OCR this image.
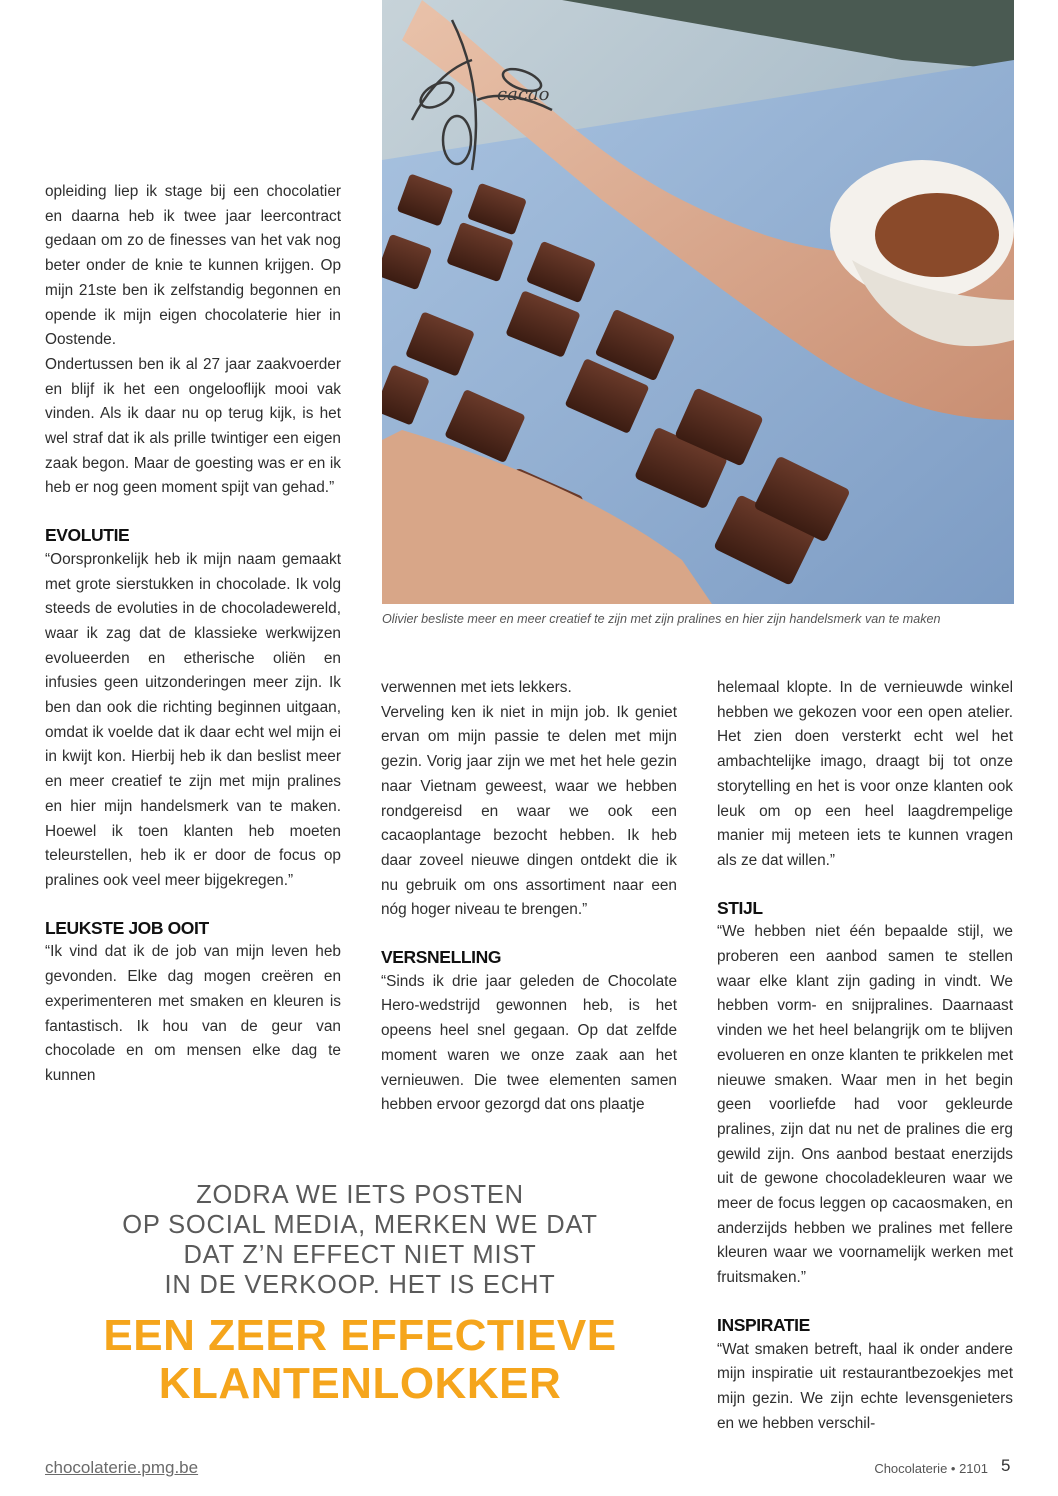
opleiding liep ik stage bij een chocolatier en daarna heb ik twee jaar leercontract gedaan om zo de finesses van het vak nog beter onder de knie te kunnen krijgen. Op mijn 21ste ben ik zelfstandig begonnen en opende ik mijn eigen chocolaterie hier in Oostende.

Ondertussen ben ik al 27 jaar zaakvoerder en blijf ik het een ongelooflijk mooi vak vinden. Als ik daar nu op terug kijk, is het wel straf dat ik als prille twintiger een eigen zaak begon. Maar de goesting was er en ik heb er nog geen moment spijt van gehad.”

EVOLUTIE

“Oorspronkelijk heb ik mijn naam gemaakt met grote sierstukken in chocolade. Ik volg steeds de evoluties in de chocoladewereld, waar ik zag dat de klassieke werkwijzen evolueerden en etherische oliën en infusies geen uitzonderingen meer zijn. Ik ben dan ook die richting beginnen uitgaan, omdat ik voelde dat ik daar echt wel mijn ei in kwijt kon. Hierbij heb ik dan beslist meer en meer creatief te zijn met mijn pralines en hier mijn handelsmerk van te maken. Hoewel ik toen klanten heb moeten teleurstellen, heb ik er door de focus op pralines ook veel meer bijgekregen.”

LEUKSTE JOB OOIT

“Ik vind dat ik de job van mijn leven heb gevonden. Elke dag mogen creëren en experimenteren met smaken en kleuren is fantastisch. Ik hou van de geur van chocolade en om mensen elke dag te kunnen

cacao
Olivier besliste meer en meer creatief te zijn met zijn pralines en hier zijn handelsmerk van te maken

verwennen met iets lekkers.

Verveling ken ik niet in mijn job. Ik geniet ervan om mijn passie te delen met mijn gezin. Vorig jaar zijn we met het hele gezin naar Vietnam geweest, waar we hebben rondgereisd en waar we ook een cacaoplantage bezocht hebben. Ik heb daar zoveel nieuwe dingen ontdekt die ik nu gebruik om ons assortiment naar een nóg hoger niveau te brengen.”

VERSNELLING

“Sinds ik drie jaar geleden de Chocolate Hero-wedstrijd gewonnen heb, is het opeens heel snel gegaan. Op dat zelfde moment waren we onze zaak aan het vernieuwen. Die twee elementen samen hebben ervoor gezorgd dat ons plaatje

helemaal klopte. In de vernieuwde winkel hebben we gekozen voor een open atelier. Het zien doen versterkt echt wel het ambachtelijke imago, draagt bij tot onze storytelling en het is voor onze klanten ook leuk om op een heel laagdrempelige manier mij meteen iets te kunnen vragen als ze dat willen.”

STIJL

“We hebben niet één bepaalde stijl, we proberen een aanbod samen te stellen waar elke klant zijn gading in vindt. We hebben vorm- en snijpralines. Daarnaast vinden we het heel belangrijk om te blijven evolueren en onze klanten te prikkelen met nieuwe smaken. Waar men in het begin geen voorliefde had voor gekleurde pralines, zijn dat nu net de pralines die erg gewild zijn. Ons aanbod bestaat enerzijds uit de gewone chocoladekleuren waar we meer de focus leggen op cacaosmaken, en anderzijds hebben we pralines met fellere kleuren waar we voornamelijk werken met fruitsmaken.”

INSPIRATIE

“Wat smaken betreft, haal ik onder andere mijn inspiratie uit restaurantbezoekjes met mijn gezin. We zijn echte levensgenieters en we hebben verschil-

ZODRA WE IETS POSTEN
OP SOCIAL MEDIA, MERKEN WE DAT
DAT Z’N EFFECT NIET MIST
IN DE VERKOOP. HET IS ECHT
EEN ZEER EFFECTIEVE
KLANTENLOKKER
chocolaterie.pmg.be	Chocolaterie • 2101 5
